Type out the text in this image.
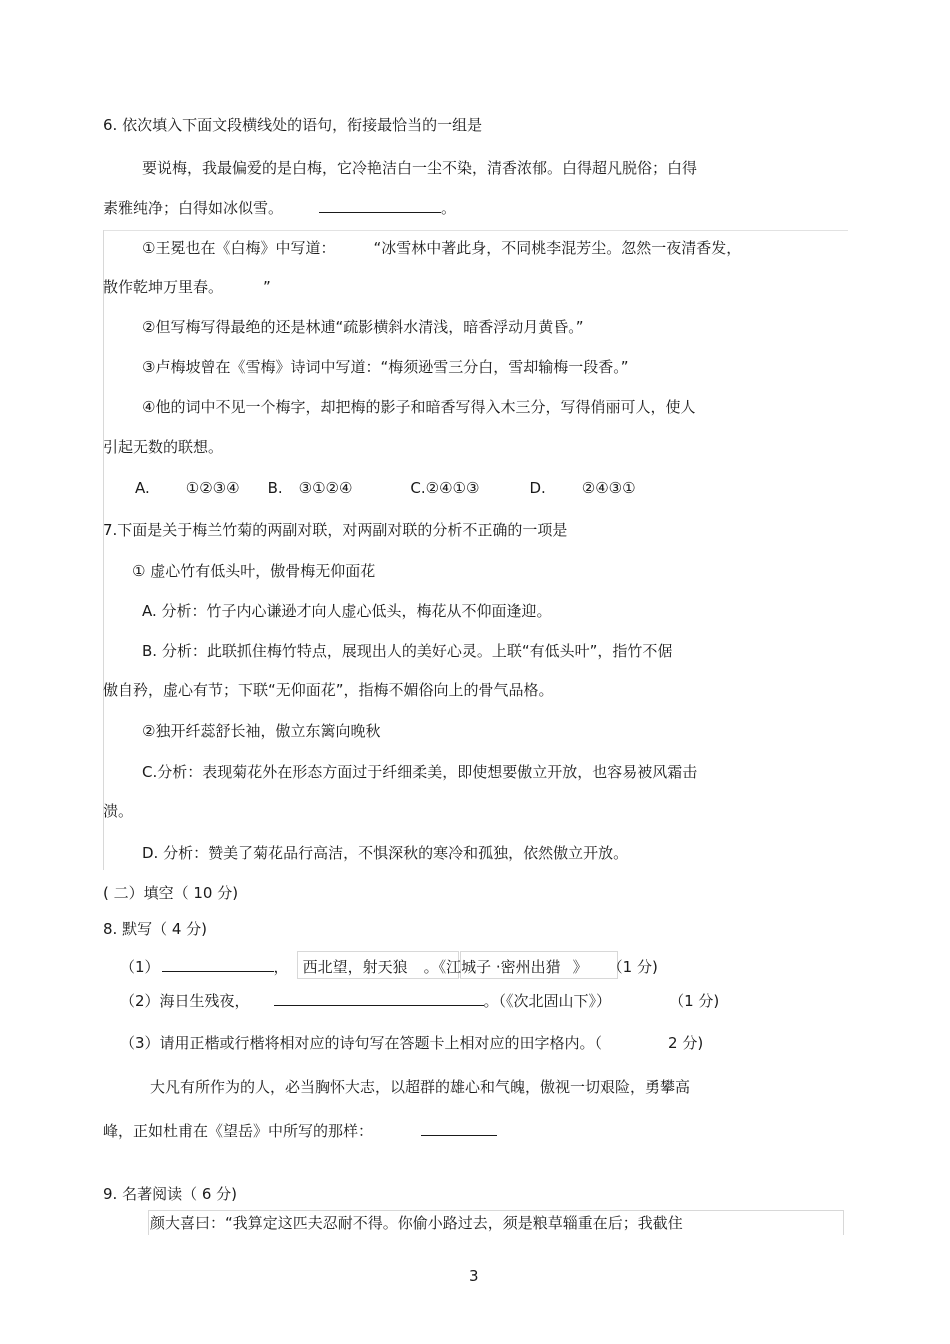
6. 依次填入下面文段横线处的语句，衔接最恰当的一组是
要说梅，我最偏爱的是白梅，它冷艳洁白一尘不染，清香浓郁。白得超凡脱俗；白得
素雅纯净；白得如冰似雪。	。
①王冕也在《白梅》中写道：	“冰雪林中著此身，不同桃李混芳尘。忽然一夜清香发，
散作乾坤万里春。	”
②但写梅写得最绝的还是林逋“疏影横斜水清浅，暗香浮动月黄昏。”
③卢梅坡曾在《雪梅》诗词中写道：“梅须逊雪三分白，雪却输梅一段香。”
④他的词中不见一个梅字，却把梅的影子和暗香写得入木三分，写得俏丽可人，使人
引起无数的联想。
A. ①②③④ B. ③①②④	C.②④①③	D. ②④③①
7.下面是关于梅兰竹菊的两副对联，对两副对联的分析不正确的一项是
① 虚心竹有低头叶，傲骨梅无仰面花
A. 分析：竹子内心谦逊才向人虚心低头，梅花从不仰面逢迎。
B. 分析：此联抓住梅竹特点，展现出人的美好心灵。上联“有低头叶”，指竹不倨
傲自矜，虚心有节；下联“无仰面花”，指梅不媚俗向上的骨气品格。
②独开纤蕊舒长袖，傲立东篱向晚秋
C.分析：表现菊花外在形态方面过于纤细柔美，即使想要傲立开放，也容易被风霜击
溃。
D. 分析：赞美了菊花品行高洁，不惧深秋的寒冷和孤独，依然傲立开放。
( 二）填空（ 10 分)
8. 默写（ 4 分)
（1）	， 西北望，射天狼 。《江城子 ·密州出猎 》 （1 分)
（2）海日生残夜，	。（《次北固山下》）	（1 分)
（3）请用正楷或行楷将相对应的诗句写在答题卡上相对应的田字格内。（	2 分)
大凡有所作为的人，必当胸怀大志，以超群的雄心和气魄，傲视一切艰险，勇攀高
峰，正如杜甫在《望岳》中所写的那样：
9. 名著阅读（ 6 分)
颜大喜曰：“我算定这匹夫忍耐不得。你偷小路过去，须是粮草辎重在后；我截住
3
